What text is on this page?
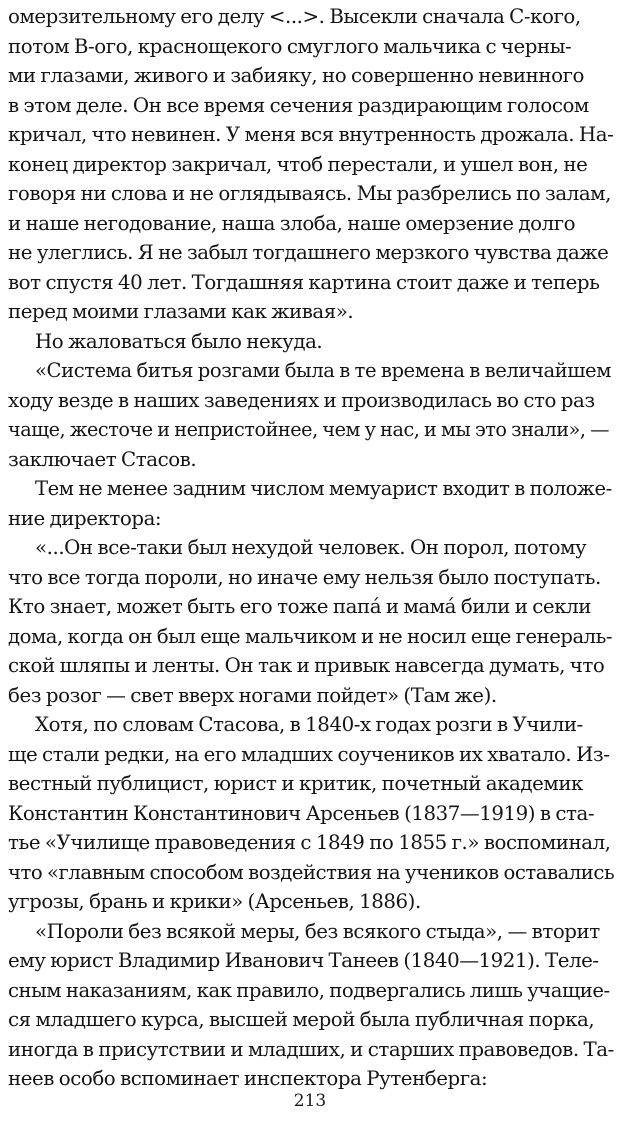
омерзительному его делу <...>. Высекли сначала С-кого,
потом В-ого, краснощекого смуглого мальчика с черны-
ми глазами, живого и забияку, но совершенно невинного
в этом деле. Он все время сечения раздирающим голосом
кричал, что невинен. У меня вся внутренность дрожала. На-
конец директор закричал, чтоб перестали, и ушел вон, не
говоря ни слова и не оглядываясь. Мы разбрелись по залам,
и наше негодование, наша злоба, наше омерзение долго
не улеглись. Я не забыл тогдашнего мерзкого чувства даже
вот спустя 40 лет. Тогдашняя картина стоит даже и теперь
перед моими глазами как живая».
Но жаловаться было некуда.
«Система битья розгами была в те времена в величайшем
ходу везде в наших заведениях и производилась во сто раз
чаще, жесточе и непристойнее, чем у нас, и мы это знали», —
заключает Стасов.
Тем не менее задним числом мемуарист входит в положе-
ние директора:
«...Он все-таки был нехудой человек. Он порол, потому
что все тогда пороли, но иначе ему нельзя было поступать.
Кто знает, может быть его тоже папá и мамá били и секли
дома, когда он был еще мальчиком и не носил еще генераль-
ской шляпы и ленты. Он так и привык навсегда думать, что
без розог — свет вверх ногами пойдет» (Там же).
Хотя, по словам Стасова, в 1840-х годах розги в Учили-
ще стали редки, на его младших соучеников их хватало. Из-
вестный публицист, юрист и критик, почетный академик
Константин Константинович Арсеньев (1837—1919) в ста-
тье «Училище правоведения с 1849 по 1855 г.» воспоминал,
что «главным способом воздействия на учеников оставались
угрозы, брань и крики» (Арсеньев, 1886).
«Пороли без всякой меры, без всякого стыда», — вторит
ему юрист Владимир Иванович Танеев (1840—1921). Теле-
сным наказаниям, как правило, подвергались лишь учащие-
ся младшего курса, высшей мерой была публичная порка,
иногда в присутствии и младших, и старших правоведов. Та-
неев особо вспоминает инспектора Рутенберга:
213
